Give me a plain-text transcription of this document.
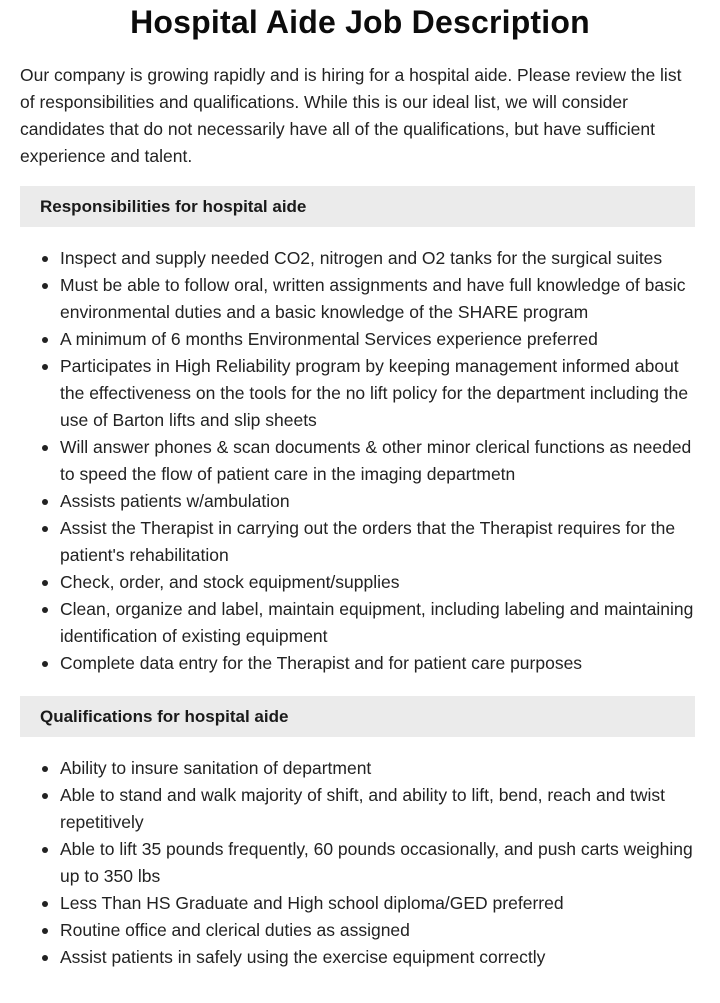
Hospital Aide Job Description

Our company is growing rapidly and is hiring for a hospital aide. Please review the list of responsibilities and qualifications. While this is our ideal list, we will consider candidates that do not necessarily have all of the qualifications, but have sufficient experience and talent.

Responsibilities for hospital aide
Inspect and supply needed CO2, nitrogen and O2 tanks for the surgical suites
Must be able to follow oral, written assignments and have full knowledge of basic environmental duties and a basic knowledge of the SHARE program
A minimum of 6 months Environmental Services experience preferred
Participates in High Reliability program by keeping management informed about the effectiveness on the tools for the no lift policy for the department including the use of Barton lifts and slip sheets
Will answer phones & scan documents & other minor clerical functions as needed to speed the flow of patient care in the imaging departmetn
Assists patients w/ambulation
Assist the Therapist in carrying out the orders that the Therapist requires for the patient's rehabilitation
Check, order, and stock equipment/supplies
Clean, organize and label, maintain equipment, including labeling and maintaining identification of existing equipment
Complete data entry for the Therapist and for patient care purposes
Qualifications for hospital aide
Ability to insure sanitation of department
Able to stand and walk majority of shift, and ability to lift, bend, reach and twist repetitively
Able to lift 35 pounds frequently, 60 pounds occasionally, and push carts weighing up to 350 lbs
Less Than HS Graduate and High school diploma/GED preferred
Routine office and clerical duties as assigned
Assist patients in safely using the exercise equipment correctly
